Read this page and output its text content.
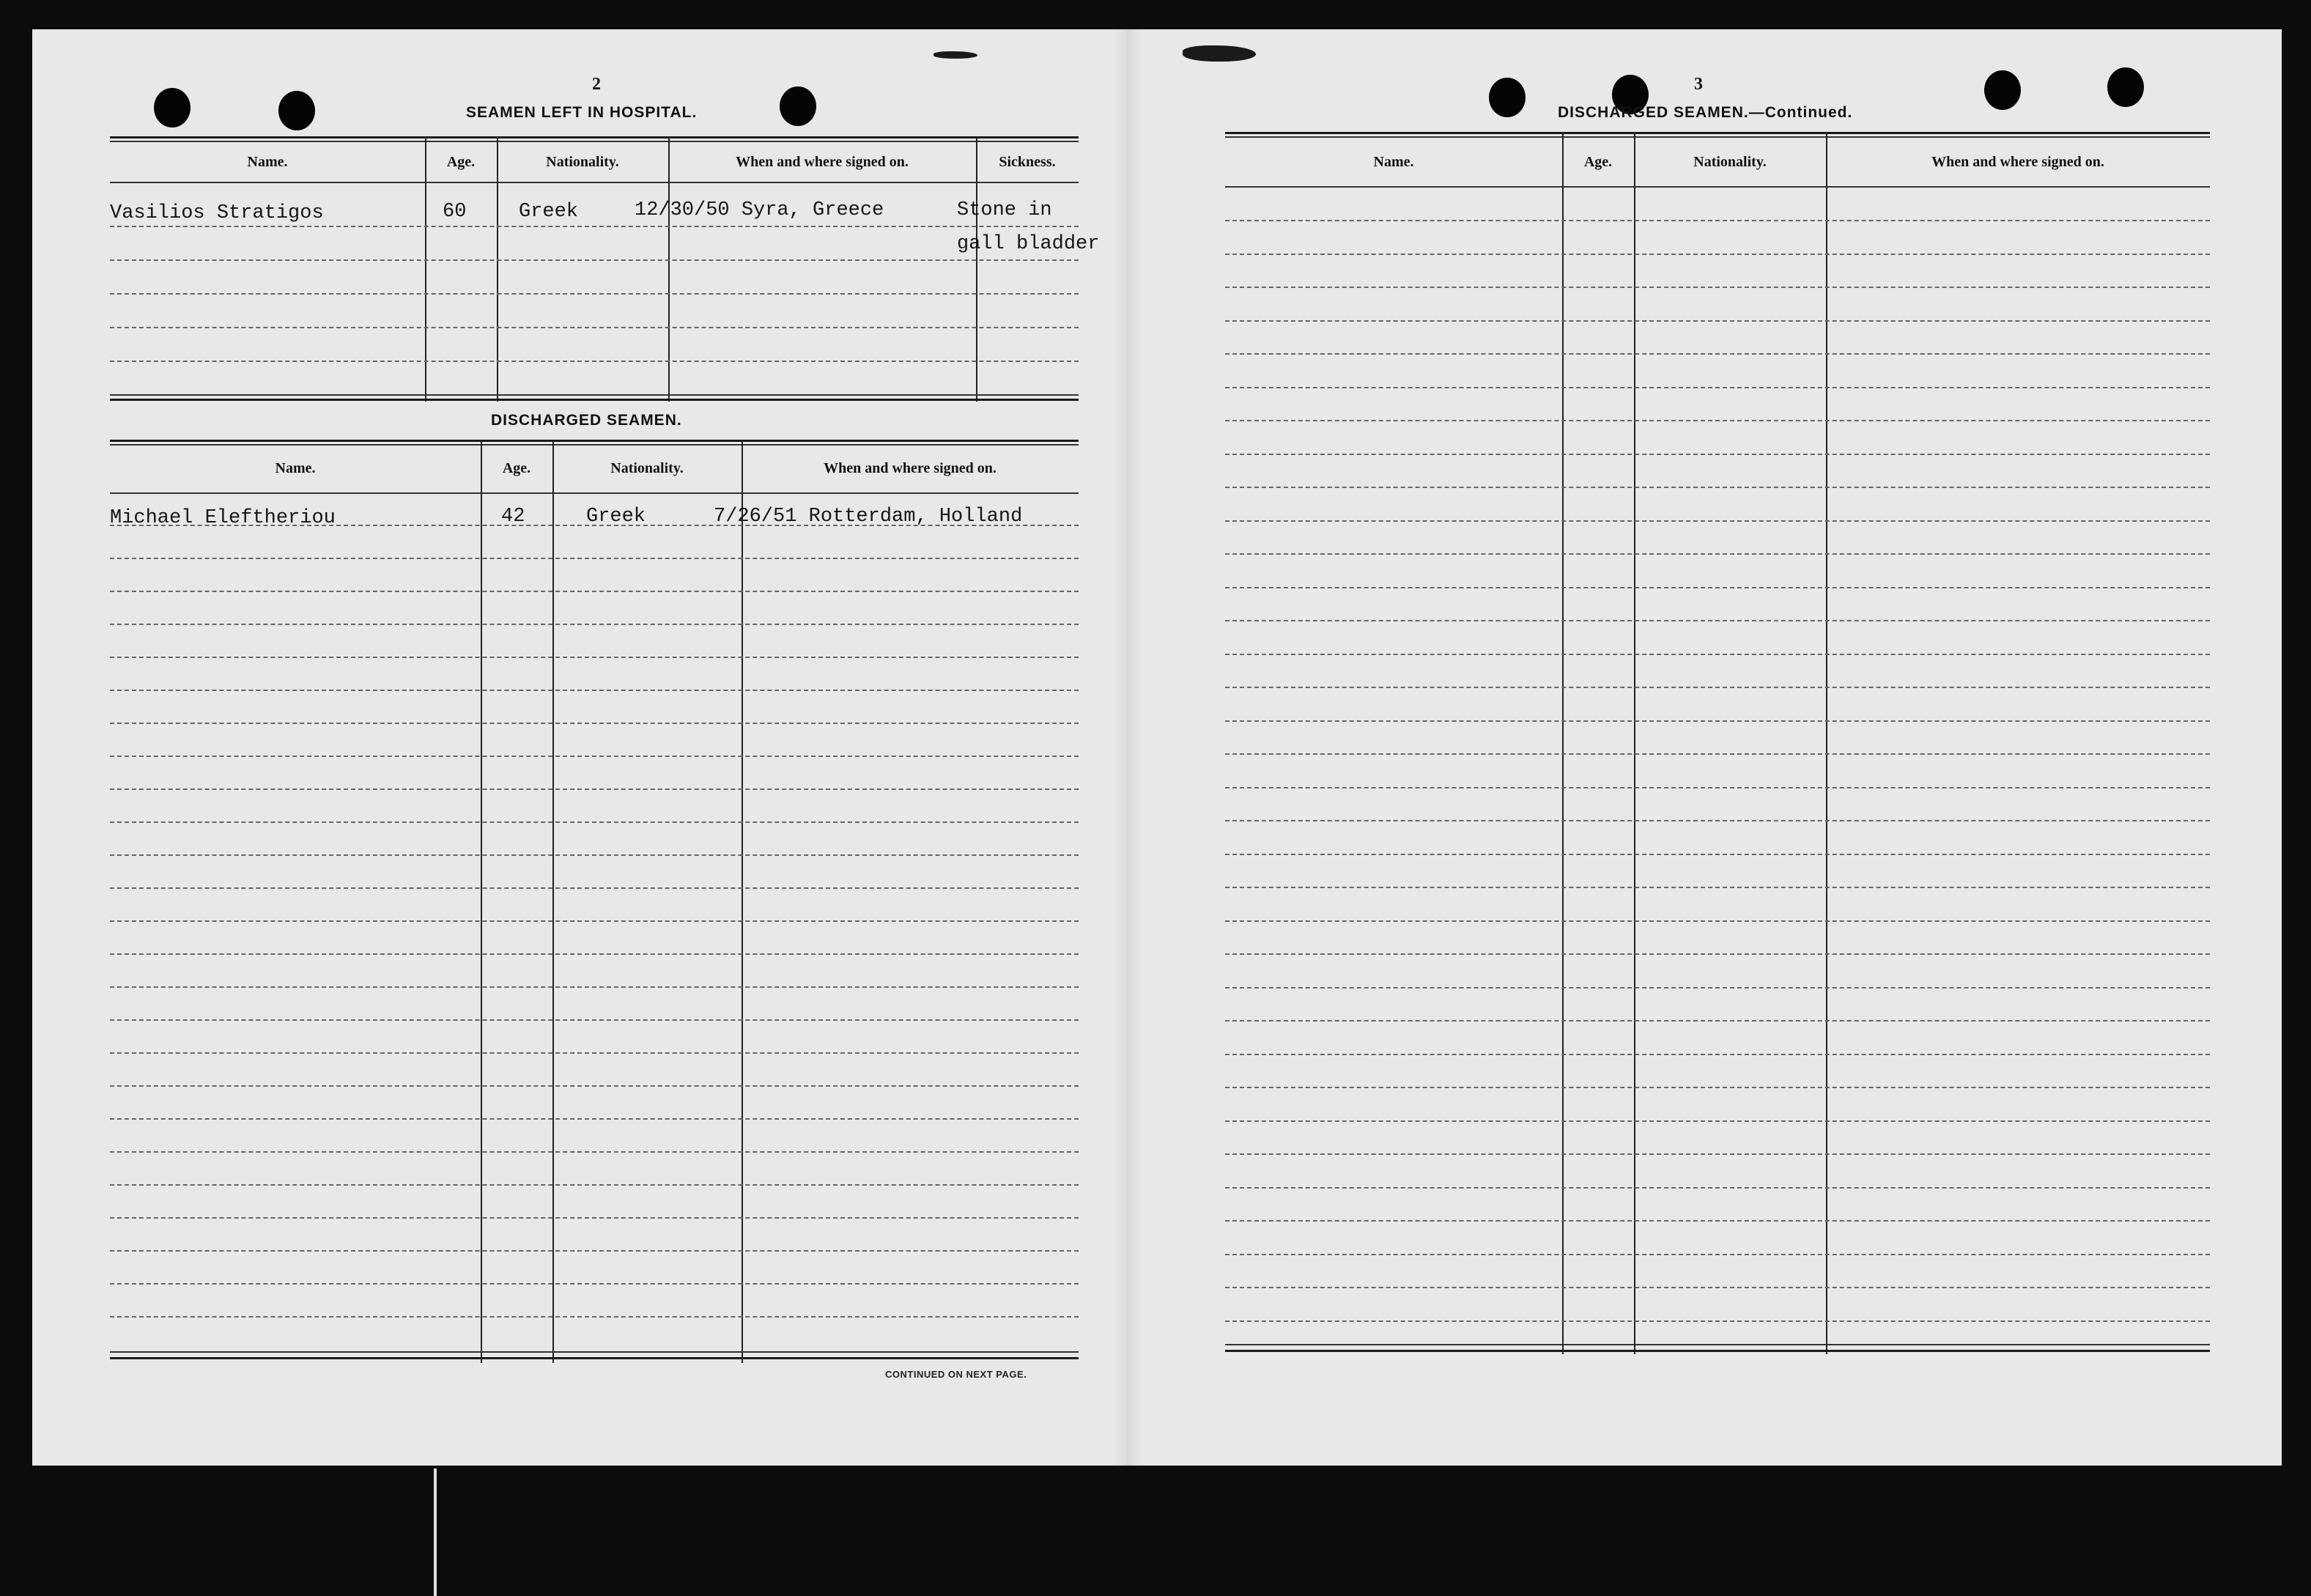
2
SEAMEN LEFT IN HOSPITAL.
Name.	Age.	Nationality.	When and where signed on.	Sickness.
Vasilios Stratigos	60	Greek	12/30/50 Syra, Greece	Stone in
gall bladder
DISCHARGED SEAMEN.
Name.	Age.	Nationality.	When and where signed on.
Michael Eleftheriou	42	Greek	7/26/51 Rotterdam, Holland
CONTINUED ON NEXT PAGE.
3
DISCHARGED SEAMEN.—Continued.
Name.	Age.	Nationality.	When and where signed on.
